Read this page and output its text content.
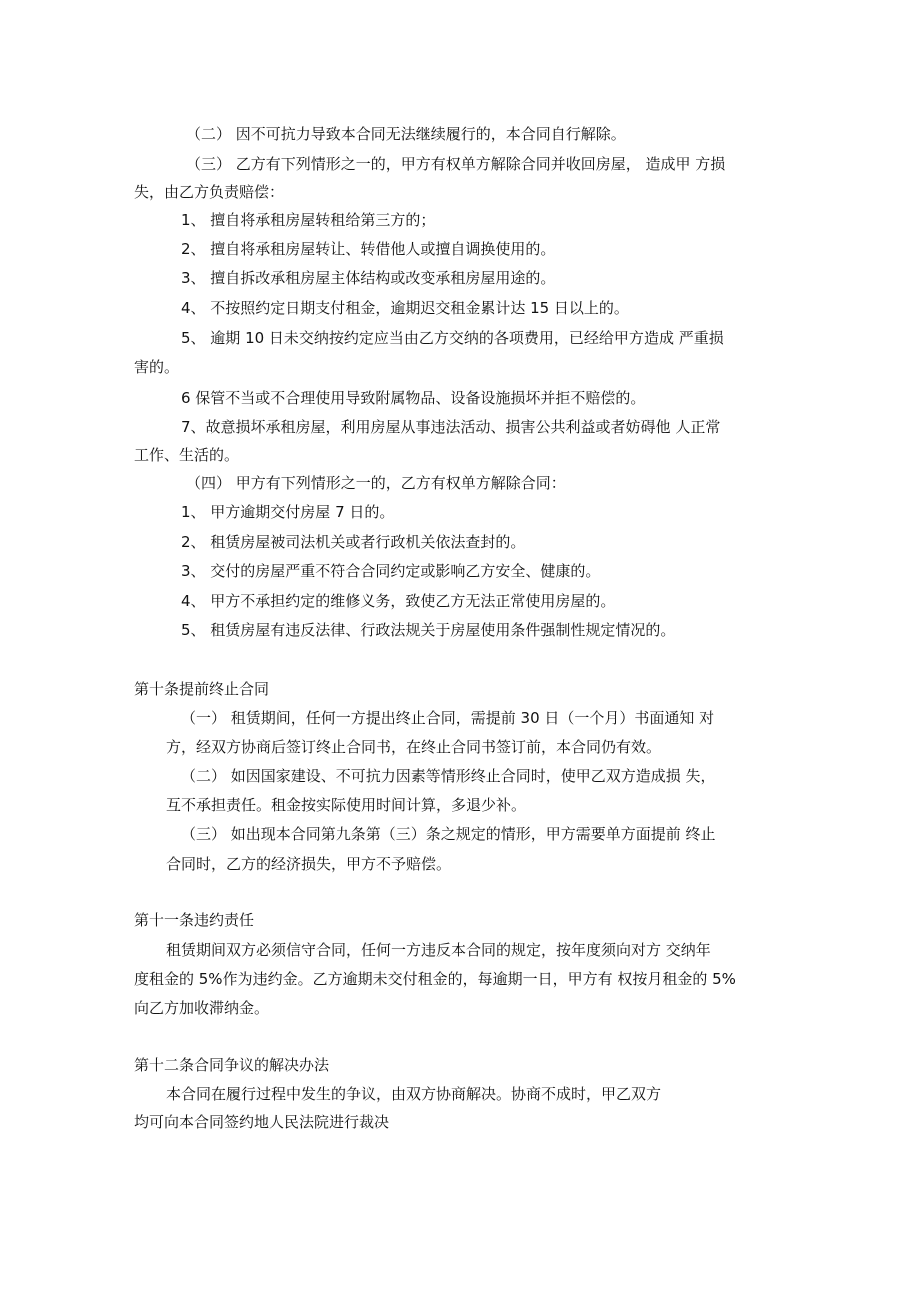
（二） 因不可抗力导致本合同无法继续履行的，本合同自行解除。
（三） 乙方有下列情形之一的，甲方有权单方解除合同并收回房屋， 造成甲 方损
失，由乙方负责赔偿：
1、 擅自将承租房屋转租给第三方的；
2、 擅自将承租房屋转让、转借他人或擅自调换使用的。
3、 擅自拆改承租房屋主体结构或改变承租房屋用途的。
4、 不按照约定日期支付租金，逾期迟交租金累计达 15 日以上的。
5、 逾期 10 日未交纳按约定应当由乙方交纳的各项费用，已经给甲方造成 严重损
害的。
6 保管不当或不合理使用导致附属物品、设备设施损坏并拒不赔偿的。
7、故意损坏承租房屋，利用房屋从事违法活动、损害公共利益或者妨碍他 人正常
工作、生活的。
（四） 甲方有下列情形之一的，乙方有权单方解除合同：
1、 甲方逾期交付房屋 7 日的。
2、 租赁房屋被司法机关或者行政机关依法查封的。
3、 交付的房屋严重不符合合同约定或影响乙方安全、健康的。
4、 甲方不承担约定的维修义务，致使乙方无法正常使用房屋的。
5、 租赁房屋有违反法律、行政法规关于房屋使用条件强制性规定情况的。
第十条提前终止合同
（一） 租赁期间，任何一方提出终止合同，需提前 30 日（一个月）书面通知 对
方，经双方协商后签订终止合同书，在终止合同书签订前，本合同仍有效。
（二） 如因国家建设、不可抗力因素等情形终止合同时，使甲乙双方造成损 失，
互不承担责任。租金按实际使用时间计算，多退少补。
（三） 如出现本合同第九条第（三）条之规定的情形，甲方需要单方面提前 终止
合同时，乙方的经济损失，甲方不予赔偿。
第十一条违约责任
租赁期间双方必须信守合同，任何一方违反本合同的规定，按年度须向对方 交纳年
度租金的 5%作为违约金。乙方逾期未交付租金的，每逾期一日，甲方有 权按月租金的 5%
向乙方加收滞纳金。
第十二条合同争议的解决办法
本合同在履行过程中发生的争议，由双方协商解决。协商不成时，甲乙双方
均可向本合同签约地人民法院进行裁决
